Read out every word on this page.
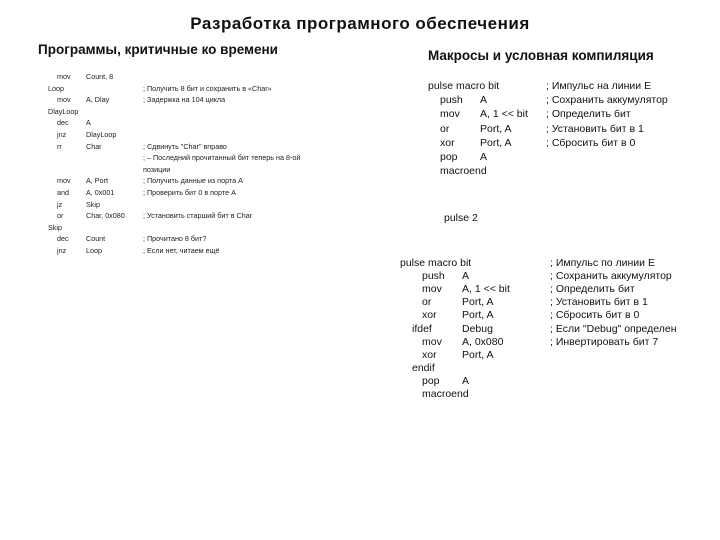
Разработка програмного обеспечения
Программы, критичные ко времени	Макросы и условная компиляция
mov Count, 8
Loop	; Получить 8 бит и сохранить в «Char»
mov A, Dlay	; Задержка на 104 цикла
DlayLoop
dec A
jnz	DlayLoop
rr	Char	; Сдвинуть "Char" вправо
; – Последний прочитанный бит теперь на 8-ой
позиции
mov A, Port	; Получить данные из порта A
and A, 0x001	; Проверить бит 0 в порте A
jz	Skip
or	Char, 0x080	; Установить старший бит в Char
Skip
dec Count	; Прочитано 8 бит?
jnz	Loop	; Если нет, читаем ещё
pulse macro bit	; Импульс на линии E
push A	; Сохранить аккумулятор
mov A, 1 << bit ; Определить бит
or	Port, A	; Установить бит в 1
xor Port, A	; Сбросить бит в 0
pop A
macroend
pulse 2
pulse macro bit	; Импульс по линии E
push A	; Сохранить аккумулятор
mov A, 1 << bit	; Определить бит
or	Port, A	; Установить бит в 1
xor Port, A	; Сбросить бит в 0
ifdef	Debug	; Если "Debug" определен
mov A, 0x080	; Инвертировать бит 7
xor Port, A
endif
pop A
macroend
